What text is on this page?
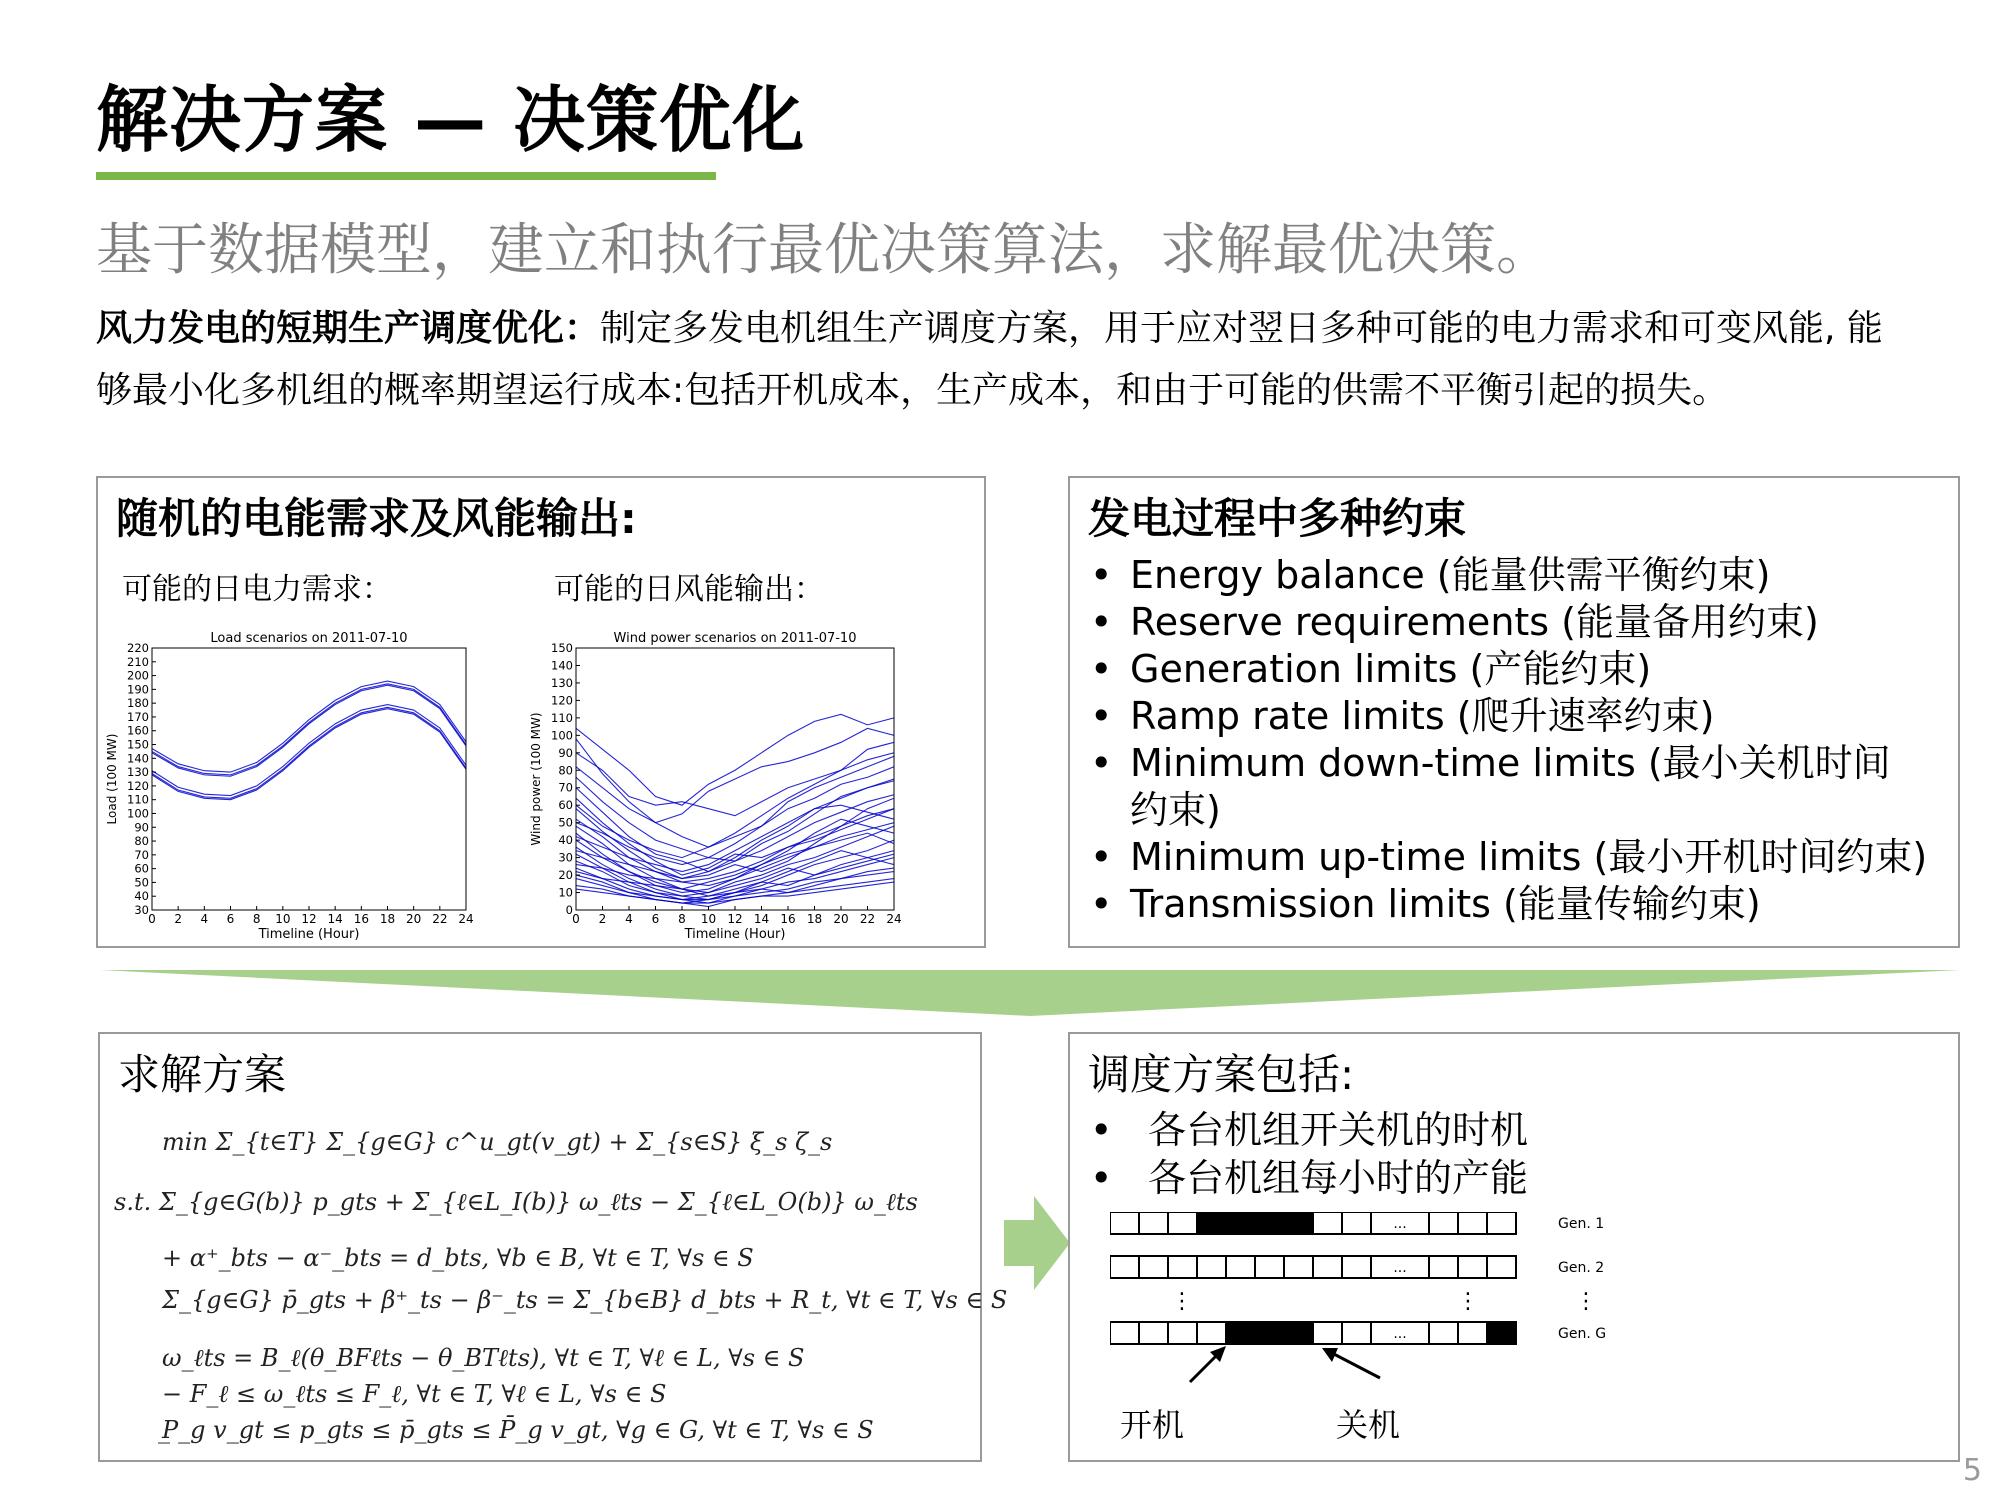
解决方案 — 决策优化
基于数据模型，建立和执行最优决策算法，求解最优决策。
风力发电的短期生产调度优化：制定多发电机组生产调度方案，用于应对翌日多种可能的电力需求和可变风能, 能够最小化多机组的概率期望运行成本:包括开机成本，生产成本，和由于可能的供需不平衡引起的损失。
随机的电能需求及风能输出:
可能的日电力需求：	可能的日风能输出：
Load scenarios on 2011-07-10
0 2 4 6 8 10 12 14 16 18 20 22 24
30
40
50
60
70
80
90
100
110
120
130
140
150
160
170
180
190
200
210
220
Timeline (Hour)
Load (100 MW)
Wind power scenarios on 2011-07-10
0 2 4 6 8 10 12 14 16 18 20 22 24
0
10
20
30
40
50
60
70
80
90
100
110
120
130
140
150
Timeline (Hour)
Wind power (100 MW)
发电过程中多种约束
• Energy balance (能量供需平衡约束)
• Reserve requirements (能量备用约束)
• Generation limits (产能约束)
• Ramp rate limits (爬升速率约束)
• Minimum down-time limits (最小关机时间
约束)
• Minimum up-time limits (最小开机时间约束)
• Transmission limits (能量传输约束)
求解方案
min Σ_{t∈T} Σ_{g∈G} c^u_gt(v_gt) + Σ_{s∈S} ξ_s ζ_s
s.t. Σ_{g∈G(b)} p_gts + Σ_{ℓ∈L_I(b)} ω_ℓts − Σ_{ℓ∈L_O(b)} ω_ℓts
+ α⁺_bts − α⁻_bts = d_bts, ∀b ∈ B, ∀t ∈ T, ∀s ∈ S
Σ_{g∈G} p̄_gts + β⁺_ts − β⁻_ts = Σ_{b∈B} d_bts + R_t, ∀t ∈ T, ∀s ∈ S
ω_ℓts = B_ℓ(θ_BFℓts − θ_BTℓts), ∀t ∈ T, ∀ℓ ∈ L, ∀s ∈ S
− F_ℓ ≤ ω_ℓts ≤ F_ℓ, ∀t ∈ T, ∀ℓ ∈ L, ∀s ∈ S
P̲_g v_gt ≤ p_gts ≤ p̄_gts ≤ P̄_g v_gt, ∀g ∈ G, ∀t ∈ T, ∀s ∈ S
调度方案包括:
• 各台机组开关机的时机
• 各台机组每小时的产能
...	Gen. 1
...	Gen. 2
...	Gen. G
⋮	⋮	⋮
开机	关机
5
